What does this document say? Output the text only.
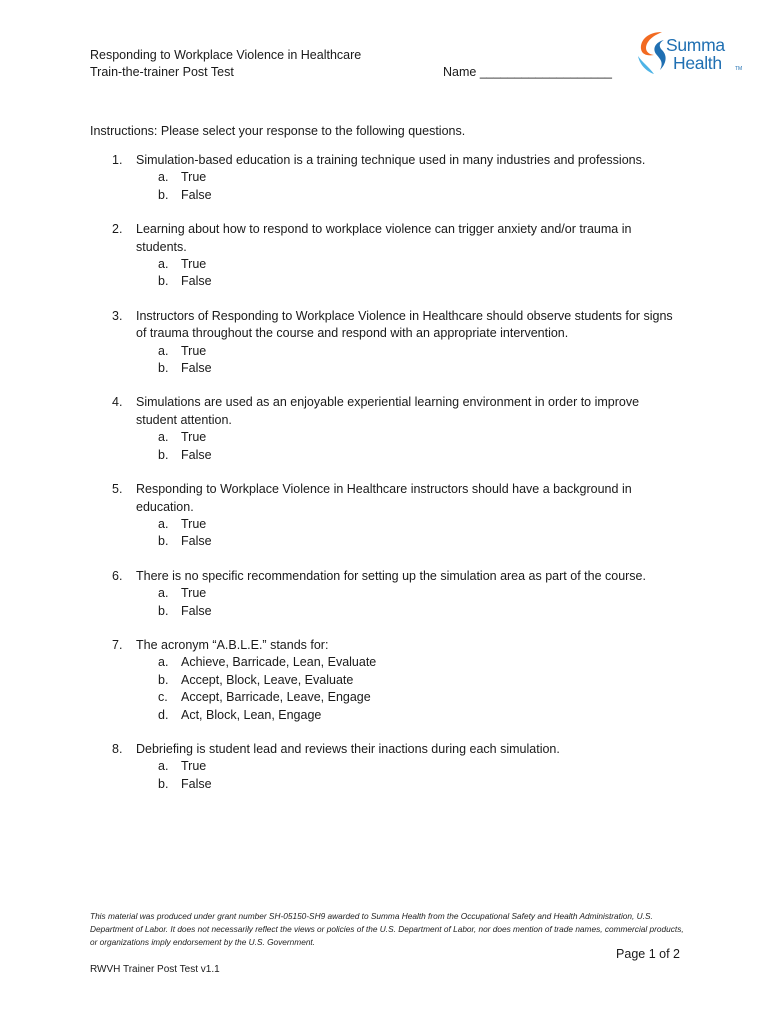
Responding to Workplace Violence in Healthcare
Train-the-trainer Post Test	Name ___________________
Summa
Health	TM
Instructions: Please select your response to the following questions.
1. Simulation-based education is a training technique used in many industries and professions.
a. True
b. False
2. Learning about how to respond to workplace violence can trigger anxiety and/or trauma in students.
a. True
b. False
3. Instructors of Responding to Workplace Violence in Healthcare should observe students for signs of trauma throughout the course and respond with an appropriate intervention.
a. True
b. False
4. Simulations are used as an enjoyable experiential learning environment in order to improve student attention.
a. True
b. False
5. Responding to Workplace Violence in Healthcare instructors should have a background in education.
a. True
b. False
6. There is no specific recommendation for setting up the simulation area as part of the course.
a. True
b. False
7. The acronym “A.B.L.E.” stands for:
a. Achieve, Barricade, Lean, Evaluate
b. Accept, Block, Leave, Evaluate
c. Accept, Barricade, Leave, Engage
d. Act, Block, Lean, Engage
8. Debriefing is student lead and reviews their inactions during each simulation.
a. True
b. False
This material was produced under grant number SH-05150-SH9 awarded to Summa Health from the Occupational Safety and Health Administration, U.S. Department of Labor. It does not necessarily reflect the views or policies of the U.S. Department of Labor, nor does mention of trade names, commercial products, or organizations imply endorsement by the U.S. Government.
Page 1 of 2
RWVH Trainer Post Test v1.1
